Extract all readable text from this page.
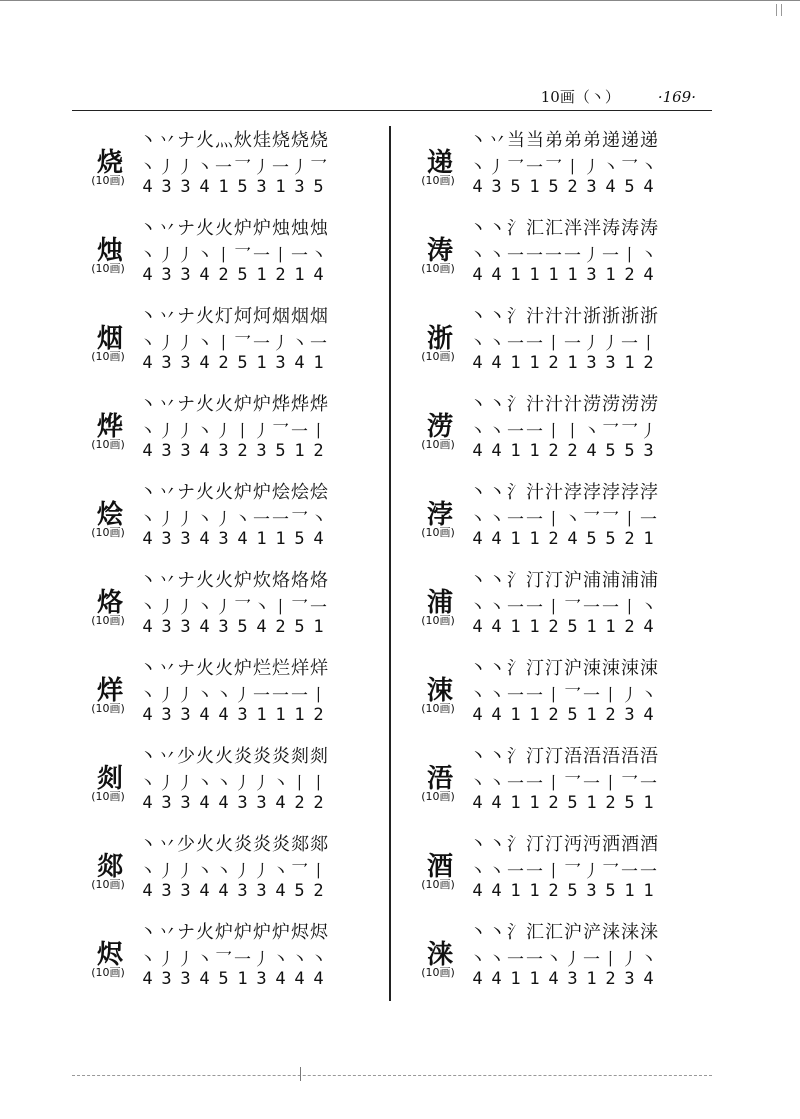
10画（丶）	·169·
烧
(10画)
丶 丷 ナ 火 灬 炏 烓 烧 烧 烧
丶 丿 丿 丶 一 乛 丿 一 丿 乛
4 3 3 4 1 5 3 1 3 5
烛
(10画)
丶 丷 ナ 火 火 炉 炉 烛 烛 烛
丶 丿 丿 丶 丨 乛 一 丨 一 丶
4 3 3 4 2 5 1 2 1 4
烟
(10画)
丶 丷 ナ 火 灯 炣 炣 烟 烟 烟
丶 丿 丿 丶 丨 乛 一 丿 丶 一
4 3 3 4 2 5 1 3 4 1
烨
(10画)
丶 丷 ナ 火 火 炉 炉 烨 烨 烨
丶 丿 丿 丶 丿 丨 丿 乛 一 丨
4 3 3 4 3 2 3 5 1 2
烩
(10画)
丶 丷 ナ 火 火 炉 炉 烩 烩 烩
丶 丿 丿 丶 丿 丶 一 一 乛 丶
4 3 3 4 3 4 1 1 5 4
烙
(10画)
丶 丷 ナ 火 火 炉 炊 烙 烙 烙
丶 丿 丿 丶 丿 乛 丶 丨 乛 一
4 3 3 4 3 5 4 2 5 1
烊
(10画)
丶 丷 ナ 火 火 炉 烂 烂 烊 烊
丶 丿 丿 丶 丶 丿 一 一 一 丨
4 3 3 4 4 3 1 1 1 2
剡
(10画)
丶 丷 少 火 火 炎 炎 炎 剡 剡
丶 丿 丿 丶 丶 丿 丿 丶 丨 丨
4 3 3 4 4 3 3 4 2 2
郯
(10画)
丶 丷 少 火 火 炎 炎 炎 郯 郯
丶 丿 丿 丶 丶 丿 丿 丶 乛 丨
4 3 3 4 4 3 3 4 5 2
烬
(10画)
丶 丷 ナ 火 炉 炉 炉 炉 烬 烬
丶 丿 丿 丶 乛 一 丿 丶 丶 丶
4 3 3 4 5 1 3 4 4 4
递
(10画)
丶 丷 当 当 弟 弟 弟 递 递 递
丶 丿 乛 一 乛 丨 丿 丶 乛 丶
4 3 5 1 5 2 3 4 5 4
涛
(10画)
丶 丶 氵 汇 汇 泮 泮 涛 涛 涛
丶 丶 一 一 一 一 丿 一 丨 丶
4 4 1 1 1 1 3 1 2 4
浙
(10画)
丶 丶 氵 汁 汁 汁 浙 浙 浙 浙
丶 丶 一 一 丨 一 丿 丿 一 丨
4 4 1 1 2 1 3 3 1 2
涝
(10画)
丶 丶 氵 汁 汁 汁 涝 涝 涝 涝
丶 丶 一 一 丨 丨 丶 乛 乛 丿
4 4 1 1 2 2 4 5 5 3
浡
(10画)
丶 丶 氵 汁 汁 浡 浡 浡 浡 浡
丶 丶 一 一 丨 丶 乛 乛 丨 一
4 4 1 1 2 4 5 5 2 1
浦
(10画)
丶 丶 氵 汀 汀 沪 浦 浦 浦 浦
丶 丶 一 一 丨 乛 一 一 丨 丶
4 4 1 1 2 5 1 1 2 4
涑
(10画)
丶 丶 氵 汀 汀 沪 涑 涑 涑 涑
丶 丶 一 一 丨 乛 一 丨 丿 丶
4 4 1 1 2 5 1 2 3 4
浯
(10画)
丶 丶 氵 汀 汀 浯 浯 浯 浯 浯
丶 丶 一 一 丨 乛 一 丨 乛 一
4 4 1 1 2 5 1 2 5 1
酒
(10画)
丶 丶 氵 汀 汀 沔 沔 洒 酒 酒
丶 丶 一 一 丨 乛 丿 乛 一 一
4 4 1 1 2 5 3 5 1 1
涞
(10画)
丶 丶 氵 汇 汇 沪 浐 涞 涞 涞
丶 丶 一 一 丶 丿 一 丨 丿 丶
4 4 1 1 4 3 1 2 3 4
